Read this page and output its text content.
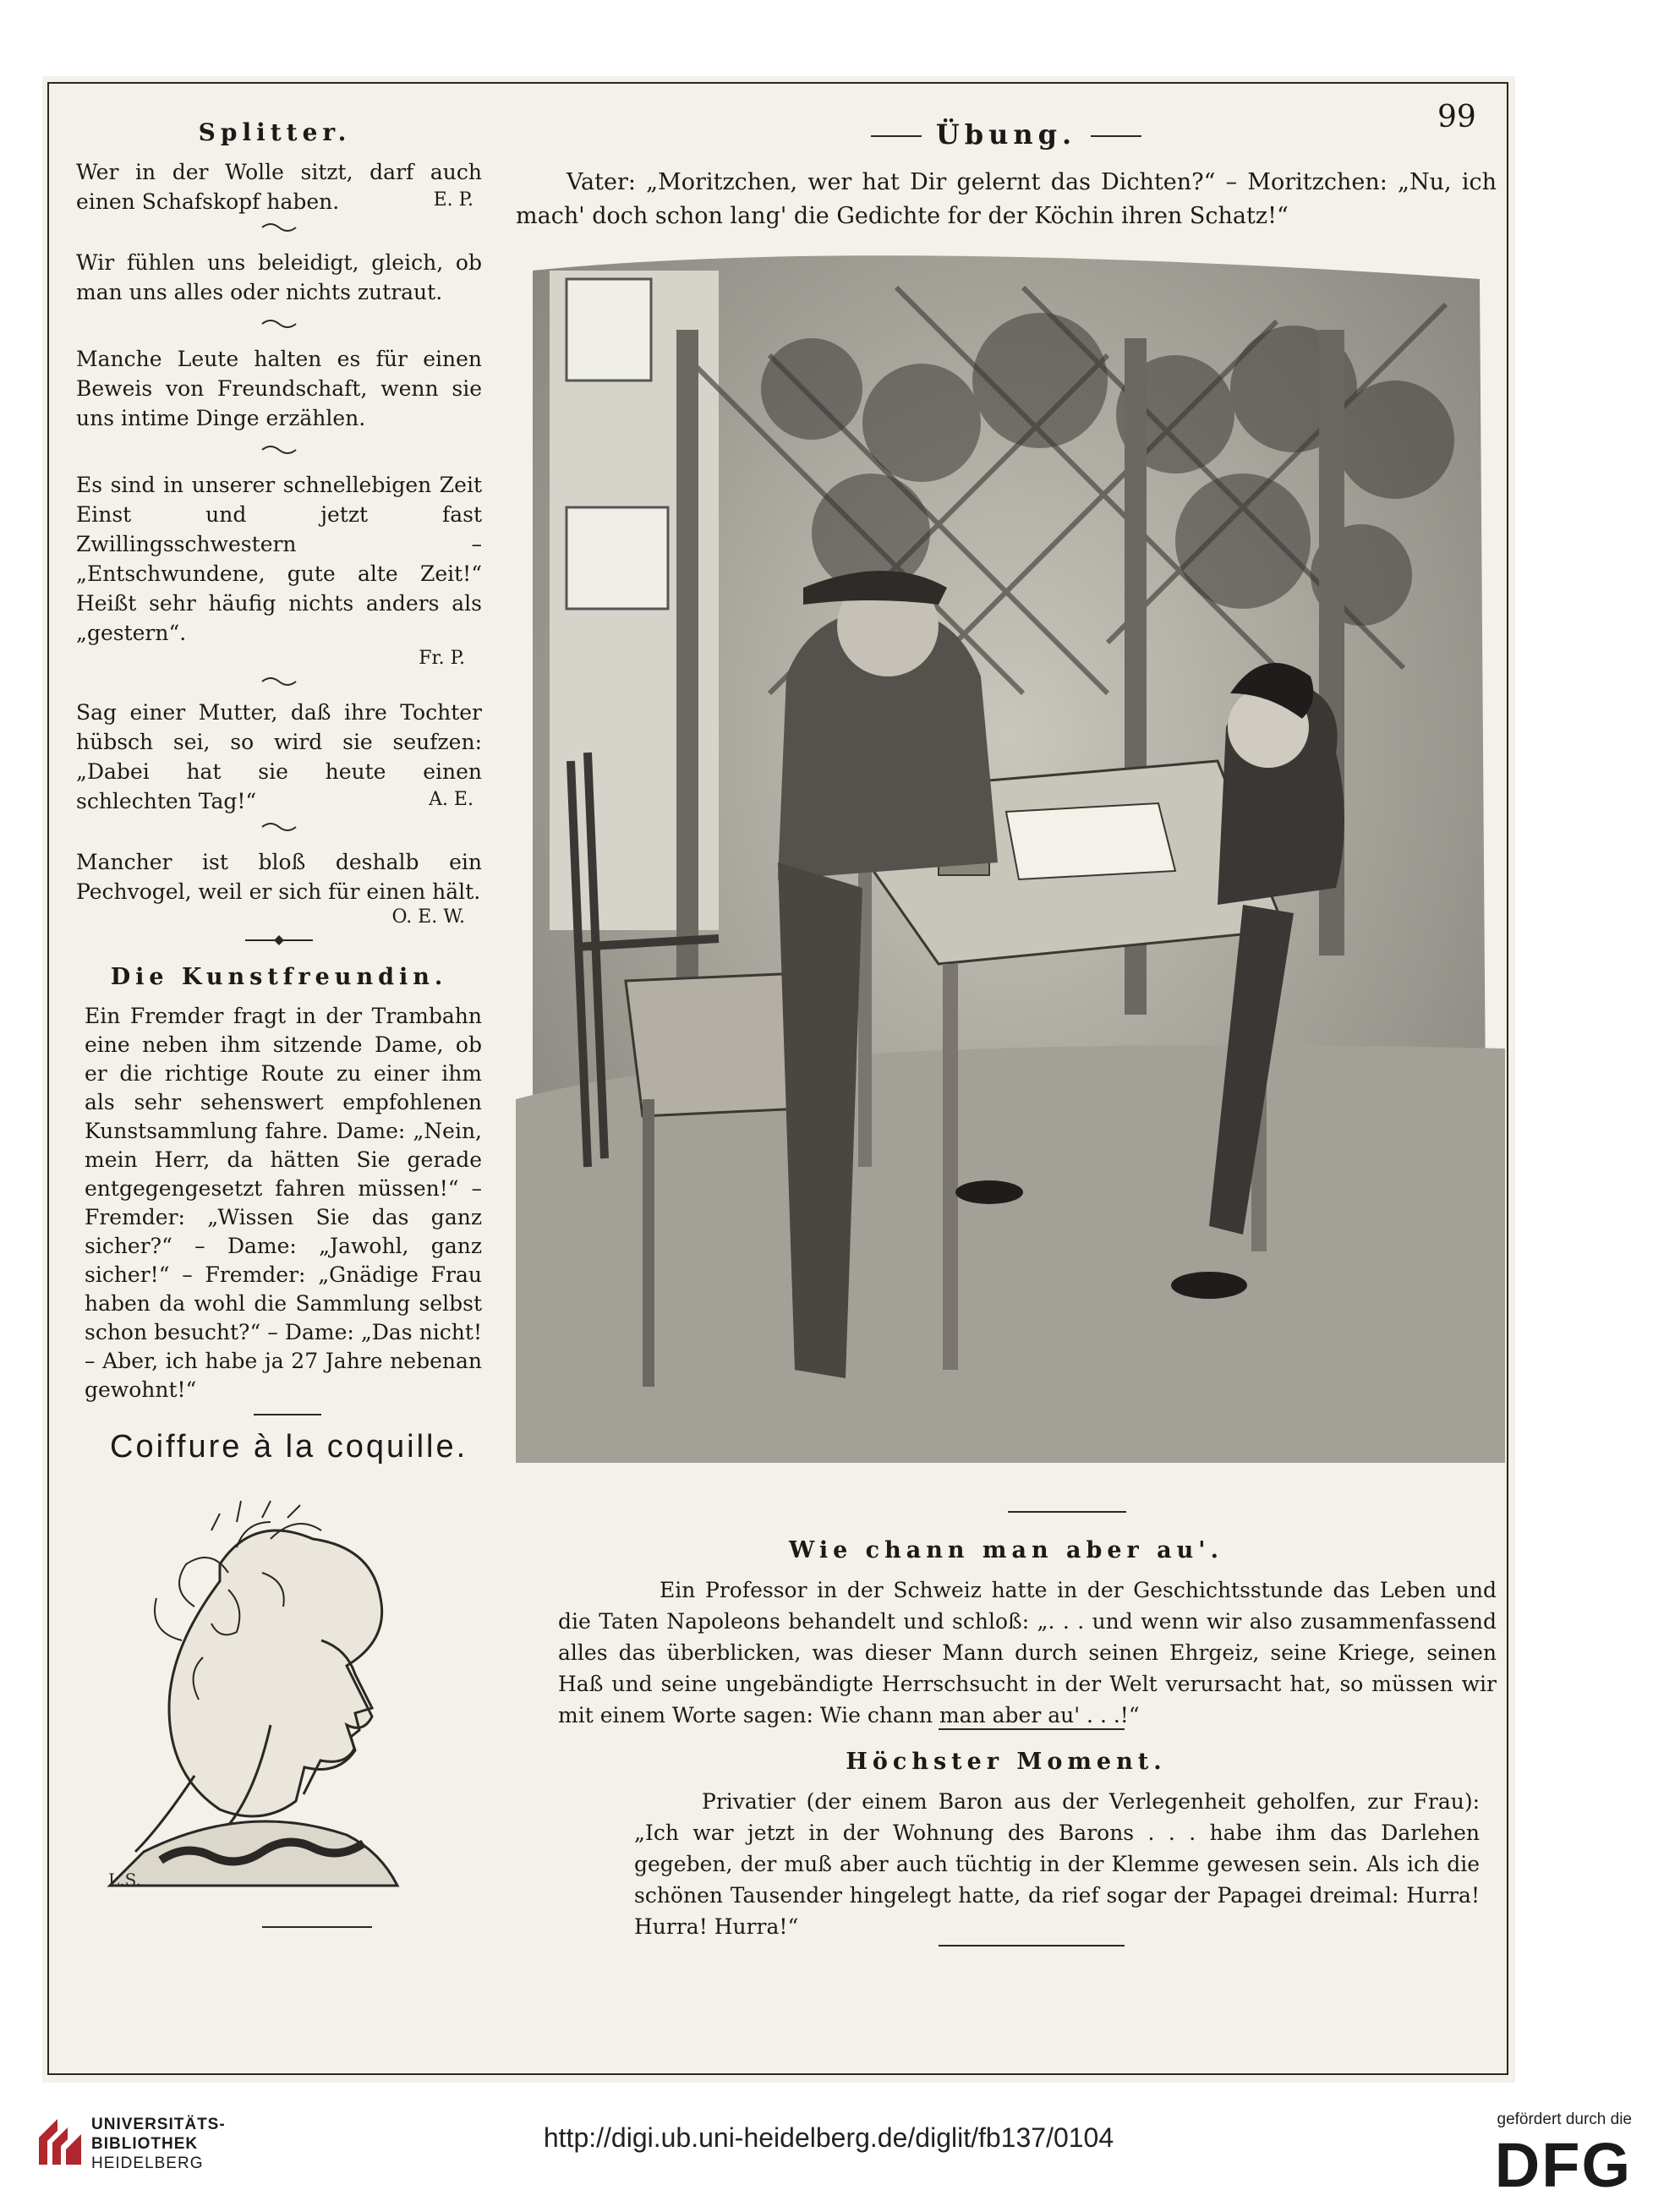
99
Splitter.
Wer in der Wolle sitzt, darf auch einen Schafskopf haben.	E. P.
Wir fühlen uns beleidigt, gleich, ob man uns alles oder nichts zutraut.
Manche Leute halten es für einen Beweis von Freundschaft, wenn sie uns intime Dinge erzählen.
Es sind in unserer schnellebigen Zeit Einst und jetzt fast Zwillingsschwestern – „Entschwundene, gute alte Zeit!“ Heißt sehr häufig nichts anders als „gestern“.
Fr. P.
Sag einer Mutter, daß ihre Tochter hübsch sei, so wird sie seufzen: „Dabei hat sie heute einen schlechten Tag!“	A. E.
Mancher ist bloß deshalb ein Pechvogel, weil er sich für einen hält.
O. E. W.
Die Kunstfreundin.
Ein Fremder fragt in der Trambahn eine neben ihm sitzende Dame, ob er die richtige Route zu einer ihm als sehr sehenswert empfohlenen Kunstsammlung fahre. Dame: „Nein, mein Herr, da hätten Sie gerade entgegengesetzt fahren müssen!“ – Fremder: „Wissen Sie das ganz sicher?“ – Dame: „Jawohl, ganz sicher!“ – Fremder: „Gnädige Frau haben da wohl die Sammlung selbst schon besucht?“ – Dame: „Das nicht! – Aber, ich habe ja 27 Jahre nebenan gewohnt!“
Coiffure à la coquille.
L.S.
Übung.
Vater: „Moritzchen, wer hat Dir gelernt das Dichten?“ – Moritzchen: „Nu, ich mach' doch schon lang' die Gedichte for der Köchin ihren Schatz!“
Wie chann man aber au'.
Ein Professor in der Schweiz hatte in der Geschichtsstunde das Leben und die Taten Napoleons behandelt und schloß: „. . . und wenn wir also zusammenfassend alles das überblicken, was dieser Mann durch seinen Ehrgeiz, seine Kriege, seinen Haß und seine ungebändigte Herrschsucht in der Welt verursacht hat, so müssen wir mit einem Worte sagen: Wie chann man aber au' . . .!“
Höchster Moment.
Privatier (der einem Baron aus der Verlegenheit geholfen, zur Frau): „Ich war jetzt in der Wohnung des Barons . . . habe ihm das Darlehen gegeben, der muß aber auch tüchtig in der Klemme gewesen sein. Als ich die schönen Tausender hingelegt hatte, da rief sogar der Papagei dreimal: Hurra! Hurra! Hurra!“
UNIVERSITÄTS-
BIBLIOTHEK
HEIDELBERG
http://digi.ub.uni-heidelberg.de/diglit/fb137/0104
gefördert durch die
DFG
